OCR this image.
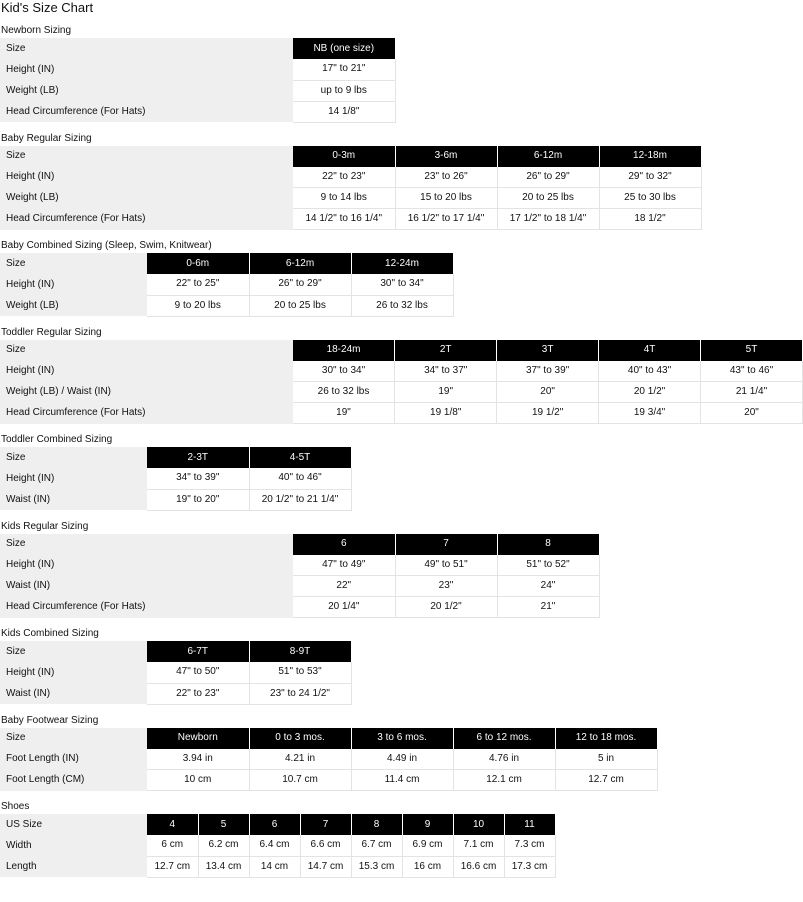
Kid's Size Chart
Newborn Sizing
Size	NB (one size)
Height (IN)	17" to 21"
Weight (LB)	up to 9 lbs
Head Circumference (For Hats)	14 1/8"
Baby Regular Sizing
Size	0-3m	3-6m	6-12m	12-18m
Height (IN)	22" to 23"	23" to 26"	26" to 29"	29" to 32"
Weight (LB)	9 to 14 lbs	15 to 20 lbs	20 to 25 lbs	25 to 30 lbs
Head Circumference (For Hats)	14 1/2" to 16 1/4"	16 1/2" to 17 1/4"	17 1/2" to 18 1/4"	18 1/2"
Baby Combined Sizing (Sleep, Swim, Knitwear)
Size	0-6m	6-12m	12-24m
Height (IN)	22" to 25"	26" to 29"	30" to 34"
Weight (LB)	9 to 20 lbs	20 to 25 lbs	26 to 32 lbs
Toddler Regular Sizing
Size	18-24m	2T	3T	4T	5T
Height (IN)	30" to 34"	34" to 37"	37" to 39"	40" to 43"	43" to 46"
Weight (LB) / Waist (IN)	26 to 32 lbs	19"	20"	20 1/2"	21 1/4"
Head Circumference (For Hats)	19"	19 1/8"	19 1/2"	19 3/4"	20"
Toddler Combined Sizing
Size	2-3T	4-5T
Height (IN)	34" to 39"	40" to 46"
Waist (IN)	19" to 20"	20 1/2" to 21 1/4"
Kids Regular Sizing
Size	6	7	8
Height (IN)	47" to 49"	49" to 51"	51" to 52"
Waist (IN)	22"	23"	24"
Head Circumference (For Hats)	20 1/4"	20 1/2"	21"
Kids Combined Sizing
Size	6-7T	8-9T
Height (IN)	47" to 50"	51" to 53"
Waist (IN)	22" to 23"	23" to 24 1/2"
Baby Footwear Sizing
Size	Newborn	0 to 3 mos.	3 to 6 mos.	6 to 12 mos.	12 to 18 mos.
Foot Length (IN)	3.94 in	4.21 in	4.49 in	4.76 in	5 in
Foot Length (CM)	10 cm	10.7 cm	11.4 cm	12.1 cm	12.7 cm
Shoes
US Size	4	5	6	7	8	9	10	11
Width	6 cm	6.2 cm	6.4 cm	6.6 cm	6.7 cm	6.9 cm	7.1 cm	7.3 cm
Length	12.7 cm	13.4 cm	14 cm	14.7 cm	15.3 cm	16 cm	16.6 cm	17.3 cm
